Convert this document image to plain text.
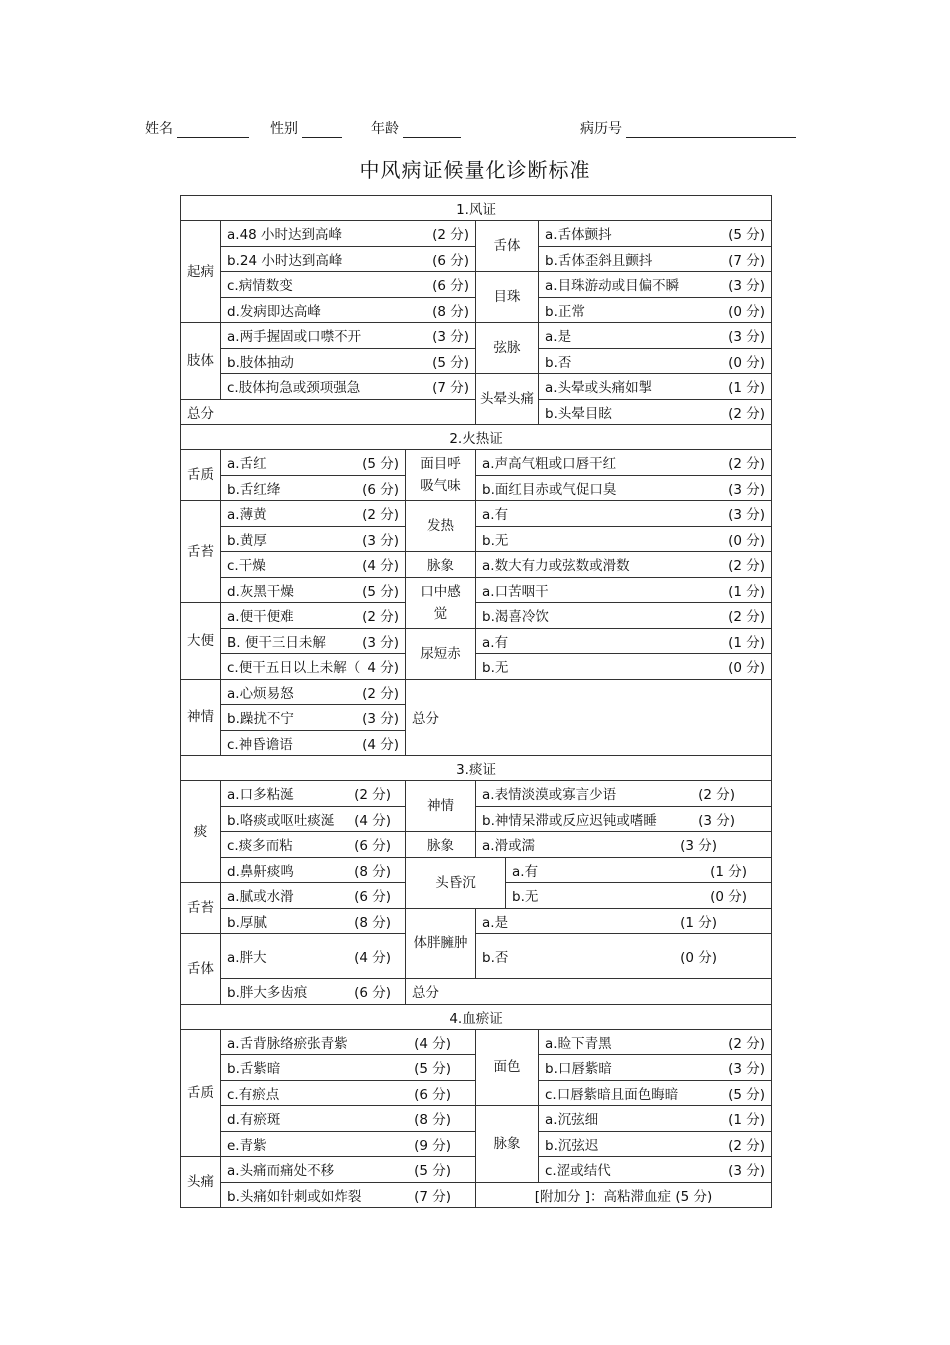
姓名	性别	年龄	病历号
中风病证候量化诊断标准
1.风证					
起病	a.48 小时达到高峰 (2 分)		舌体		a.舌体颤抖 (5 分)

	b.24 小时达到高峰 (6 分)				b.舌体歪斜且颤抖 (7 分)

	c.病情数变 (6 分)		目珠		a.目珠游动或目偏不瞬 (3 分)

	d.发病即达高峰 (8 分)				b.正常 (0 分)

肢体	a.两手握固或口噤不开 (3 分)		弦脉		a.是 (3 分)

	b.肢体抽动 (5 分)				b.否 (0 分)

	c.肢体拘急或颈项强急 (7 分)		头晕头痛		a.头晕或头痛如掣 (1 分)

总分					b.头晕目眩 (2 分)

2.火热证					
舌质	a.舌红 (5 分)	面目呼吸气味	a.声高气粗或口唇干红 (2 分)		

	b.舌红绛 (6 分)		b.面红目赤或气促口臭 (3 分)		

舌苔	a.薄黄 (2 分)	发热	a.有 (3 分)		

	b.黄厚 (3 分)		b.无 (0 分)		

	c.干燥 (4 分)	脉象	a.数大有力或弦数或滑数 (2 分)		

	d.灰黑干燥 (5 分)	口中感觉	a.口苦咽干 (1 分)		

大便	a.便干便难 (2 分)		b.渴喜冷饮 (2 分)		

	B. 便干三日未解 (3 分)	尿短赤	a.有 (1 分)		

	c.便干五日以上未解（ 4 分)		b.无 (0 分)		

神情	a.心烦易怒 (2 分)	总分			

	b.躁扰不宁 (3 分)				

	c.神昏谵语 (4 分)				

3.痰证					
痰	a.口多粘涎 (2 分)	神情	a.表情淡漠或寡言少语 (2 分)		

	b.咯痰或呕吐痰涎 (4 分)		b.神情呆滞或反应迟钝或嗜睡 (3 分)		

	c.痰多而粘 (6 分)	脉象	a.滑或濡 (3 分)		

	d.鼻鼾痰鸣 (8 分)	头昏沉		a.有 (1 分)	

舌苔	a.腻或水滑 (6 分)			b.无 (0 分)	

	b.厚腻 (8 分)	体胖臃肿	a.是 (1 分)		

舌体	a.胖大 (4 分)		b.否 (0 分)		

	b.胖大多齿痕 (6 分)	总分			
4.血瘀证					
舌质	a.舌背脉络瘀张青紫 (4 分)		面色		a.睑下青黑 (2 分)

	b.舌紫暗 (5 分)				b.口唇紫暗 (3 分)

	c.有瘀点 (6 分)				c.口唇紫暗且面色晦暗 (5 分)

	d.有瘀斑 (8 分)		脉象		a.沉弦细 (1 分)

	e.青紫 (9 分)				b.沉弦迟 (2 分)

头痛	a.头痛而痛处不移 (5 分)				c.涩或结代 (3 分)

	b.头痛如针刺或如炸裂 (7 分)		[附加分 ]：高粘滞血症 (5 分)		
